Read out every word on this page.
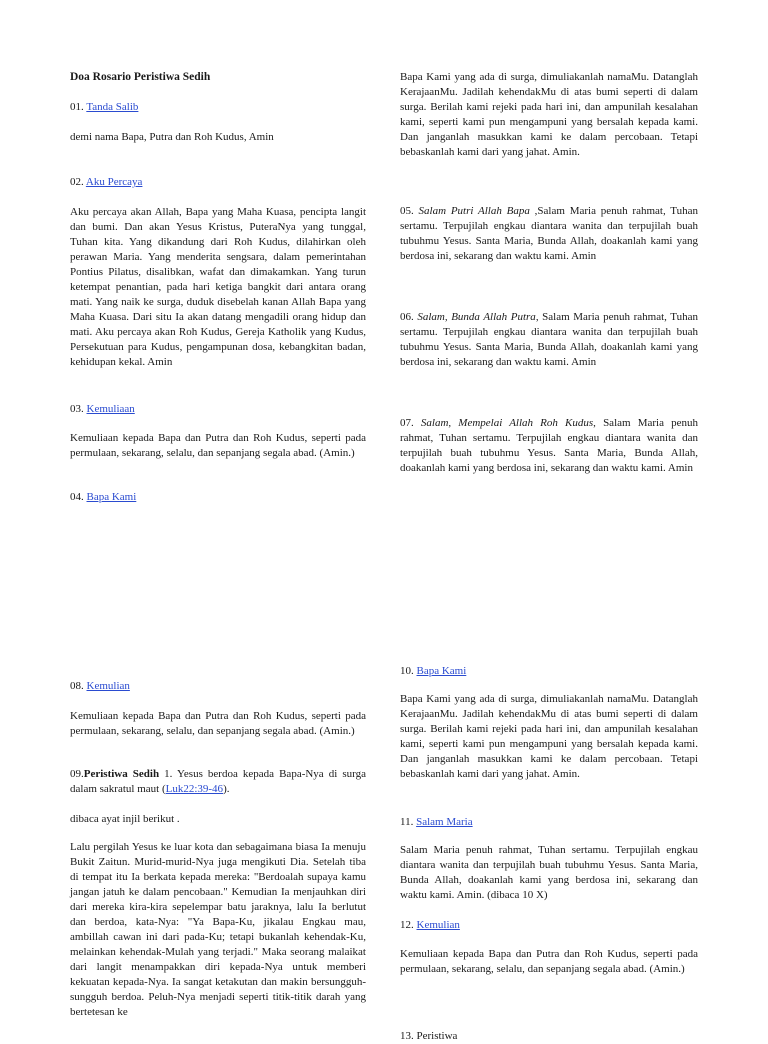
Doa Rosario Peristiwa Sedih

01. Tanda Salib

demi nama Bapa, Putra dan Roh Kudus, Amin

02. Aku Percaya

Aku percaya akan Allah, Bapa yang Maha Kuasa, pencipta langit dan bumi. Dan akan Yesus Kristus, PuteraNya yang tunggal, Tuhan kita. Yang dikandung dari Roh Kudus, dilahirkan oleh perawan Maria. Yang menderita sengsara, dalam pemerintahan Pontius Pilatus, disalibkan, wafat dan dimakamkan. Yang turun ketempat penantian, pada hari ketiga bangkit dari antara orang mati. Yang naik ke surga, duduk disebelah kanan Allah Bapa yang Maha Kuasa. Dari situ Ia akan datang mengadili orang hidup dan mati. Aku percaya akan Roh Kudus, Gereja Katholik yang Kudus, Persekutuan para Kudus, pengampunan dosa, kebangkitan badan, kehidupan kekal. Amin

03. Kemuliaan

Kemuliaan kepada Bapa dan Putra dan Roh Kudus, seperti pada permulaan, sekarang, selalu, dan sepanjang segala abad. (Amin.)

04. Bapa Kami

08. Kemulian

Kemuliaan kepada Bapa dan Putra dan Roh Kudus, seperti pada permulaan, sekarang, selalu, dan sepanjang segala abad. (Amin.)

09.Peristiwa Sedih 1. Yesus berdoa kepada Bapa-Nya di surga dalam sakratul maut (Luk22:39-46).

dibaca ayat injil berikut .

Lalu pergilah Yesus ke luar kota dan sebagaimana biasa Ia menuju Bukit Zaitun. Murid-murid-Nya juga mengikuti Dia. Setelah tiba di tempat itu Ia berkata kepada mereka: "Berdoalah supaya kamu jangan jatuh ke dalam pencobaan." Kemudian Ia menjauhkan diri dari mereka kira-kira sepelempar batu jaraknya, lalu Ia berlutut dan berdoa, kata-Nya: "Ya Bapa-Ku, jikalau Engkau mau, ambillah cawan ini dari pada-Ku; tetapi bukanlah kehendak-Ku, melainkan kehendak-Mulah yang terjadi." Maka seorang malaikat dari langit menampakkan diri kepada-Nya untuk memberi kekuatan kepada-Nya. Ia sangat ketakutan dan makin bersungguh-sungguh berdoa. Peluh-Nya menjadi seperti titik-titik darah yang bertetesan ke

Bapa Kami yang ada di surga, dimuliakanlah namaMu. Datanglah KerajaanMu. Jadilah kehendakMu di atas bumi seperti di dalam surga. Berilah kami rejeki pada hari ini, dan ampunilah kesalahan kami, seperti kami pun mengampuni yang bersalah kepada kami. Dan janganlah masukkan kami ke dalam percobaan. Tetapi bebaskanlah kami dari yang jahat. Amin.

05. Salam Putri Allah Bapa ,Salam Maria penuh rahmat, Tuhan sertamu. Terpujilah engkau diantara wanita dan terpujilah buah tubuhmu Yesus. Santa Maria, Bunda Allah, doakanlah kami yang berdosa ini, sekarang dan waktu kami. Amin

06. Salam, Bunda Allah Putra, Salam Maria penuh rahmat, Tuhan sertamu. Terpujilah engkau diantara wanita dan terpujilah buah tubuhmu Yesus. Santa Maria, Bunda Allah, doakanlah kami yang berdosa ini, sekarang dan waktu kami. Amin

07. Salam, Mempelai Allah Roh Kudus, Salam Maria penuh rahmat, Tuhan sertamu. Terpujilah engkau diantara wanita dan terpujilah buah tubuhmu Yesus. Santa Maria, Bunda Allah, doakanlah kami yang berdosa ini, sekarang dan waktu kami. Amin

10. Bapa Kami

Bapa Kami yang ada di surga, dimuliakanlah namaMu. Datanglah KerajaanMu. Jadilah kehendakMu di atas bumi seperti di dalam surga. Berilah kami rejeki pada hari ini, dan ampunilah kesalahan kami, seperti kami pun mengampuni yang bersalah kepada kami. Dan janganlah masukkan kami ke dalam percobaan. Tetapi bebaskanlah kami dari yang jahat. Amin.

11. Salam Maria

Salam Maria penuh rahmat, Tuhan sertamu. Terpujilah engkau diantara wanita dan terpujilah buah tubuhmu Yesus. Santa Maria, Bunda Allah, doakanlah kami yang berdosa ini, sekarang dan waktu kami. Amin. (dibaca 10 X)

12. Kemulian

Kemuliaan kepada Bapa dan Putra dan Roh Kudus, seperti pada permulaan, sekarang, selalu, dan sepanjang segala abad. (Amin.)

13. Peristiwa
